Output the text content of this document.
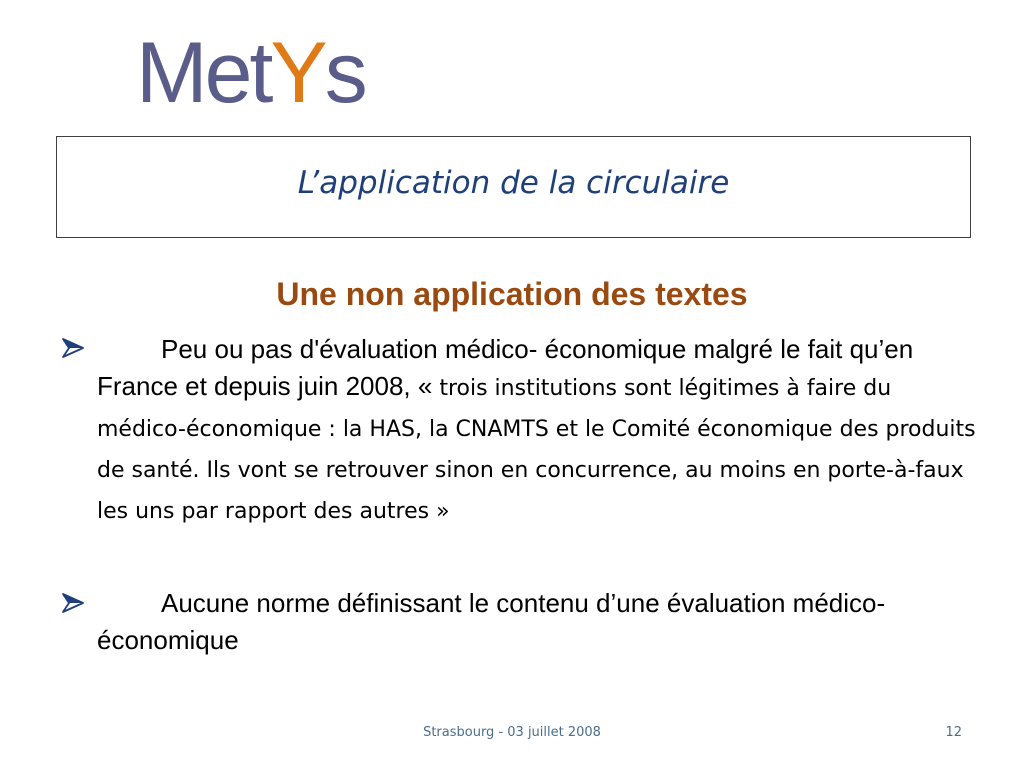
MetYs
L’application de la circulaire
Une non application des textes
Peu ou pas d'évaluation médico- économique malgré le fait qu’en France et depuis juin 2008, « trois institutions sont légitimes à faire du médico-économique : la HAS, la CNAMTS et le Comité économique des produits de santé. Ils vont se retrouver sinon en concurrence, au moins en porte-à-faux les uns par rapport des autres »
Aucune norme définissant le contenu d’une évaluation médico-économique
Strasbourg - 03 juillet 2008	12
